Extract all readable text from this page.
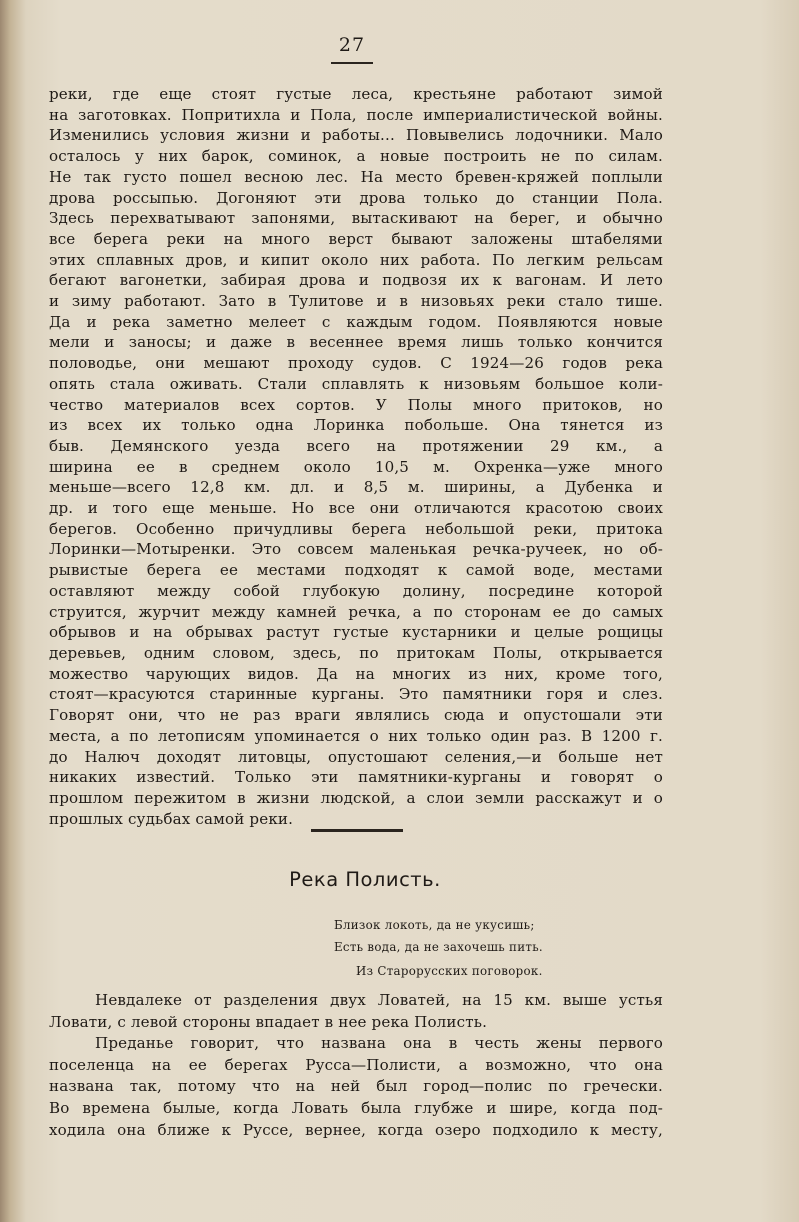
27
реки, где еще стоят густые леса, крестьяне работают зимой
на заготовках. Попритихла и Пола, после империалистической войны.
Изменились условия жизни и работы... Повывелись лодочники. Мало
осталось у них барок, соминок, а новые построить не по силам.
Не так густо пошел весною лес. На место бревен-кряжей поплыли
дрова россыпью. Догоняют эти дрова только до станции Пола.
Здесь перехватывают запонями, вытаскивают на берег, и обычно
все берега реки на много верст бывают заложены штабелями
этих сплавных дров, и кипит около них работа. По легким рельсам
бегают вагонетки, забирая дрова и подвозя их к вагонам. И лето
и зиму работают. Зато в Тулитове и в низовьях реки стало тише.
Да и река заметно мелеет с каждым годом. Появляются новые
мели и заносы; и даже в весеннее время лишь только кончится
половодье, они мешают проходу судов. С 1924—26 годов река
опять стала оживать. Стали сплавлять к низовьям большое коли-
чество материалов всех сортов. У Полы много притоков, но
из всех их только одна Лоринка побольше. Она тянется из
быв. Демянского уезда всего на протяжении 29 км., а
ширина ее в среднем около 10,5 м. Охренка—уже много
меньше—всего 12,8 км. дл. и 8,5 м. ширины, а Дубенка и
др. и того еще меньше. Но все они отличаются красотою своих
берегов. Особенно причудливы берега небольшой реки, притока
Лоринки—Мотыренки. Это совсем маленькая речка-ручеек, но об-
рывистые берега ее местами подходят к самой воде, местами
оставляют между собой глубокую долину, посредине которой
струится, журчит между камней речка, а по сторонам ее до самых
обрывов и на обрывах растут густые кустарники и целые рощицы
деревьев, одним словом, здесь, по притокам Полы, открывается
можество чарующих видов. Да на многих из них, кроме того,
стоят—красуются старинные курганы. Это памятники горя и слез.
Говорят они, что не раз враги являлись сюда и опустошали эти
места, а по летописям упоминается о них только один раз. В 1200 г.
до Налюч доходят литовцы, опустошают селения,—и больше нет
никаких известий. Только эти памятники-курганы и говорят о
прошлом пережитом в жизни людской, а слои земли расскажут и о
прошлых судьбах самой реки.
Река Полисть.
Близок локоть, да не укусишь;
Есть вода, да не захочешь пить.
Из Старорусских поговорок.
Невдалеке от разделения двух Ловатей, на 15 км. выше устья
Ловати, с левой стороны впадает в нее река Полисть.
Преданье говорит, что названа она в честь жены первого
поселенца на ее берегах Русса—Полисти, а возможно, что она
названа так, потому что на ней был город—полис по гречески.
Во времена былые, когда Ловать была глубже и шире, когда под-
ходила она ближе к Руссе, вернее, когда озеро подходило к месту,
